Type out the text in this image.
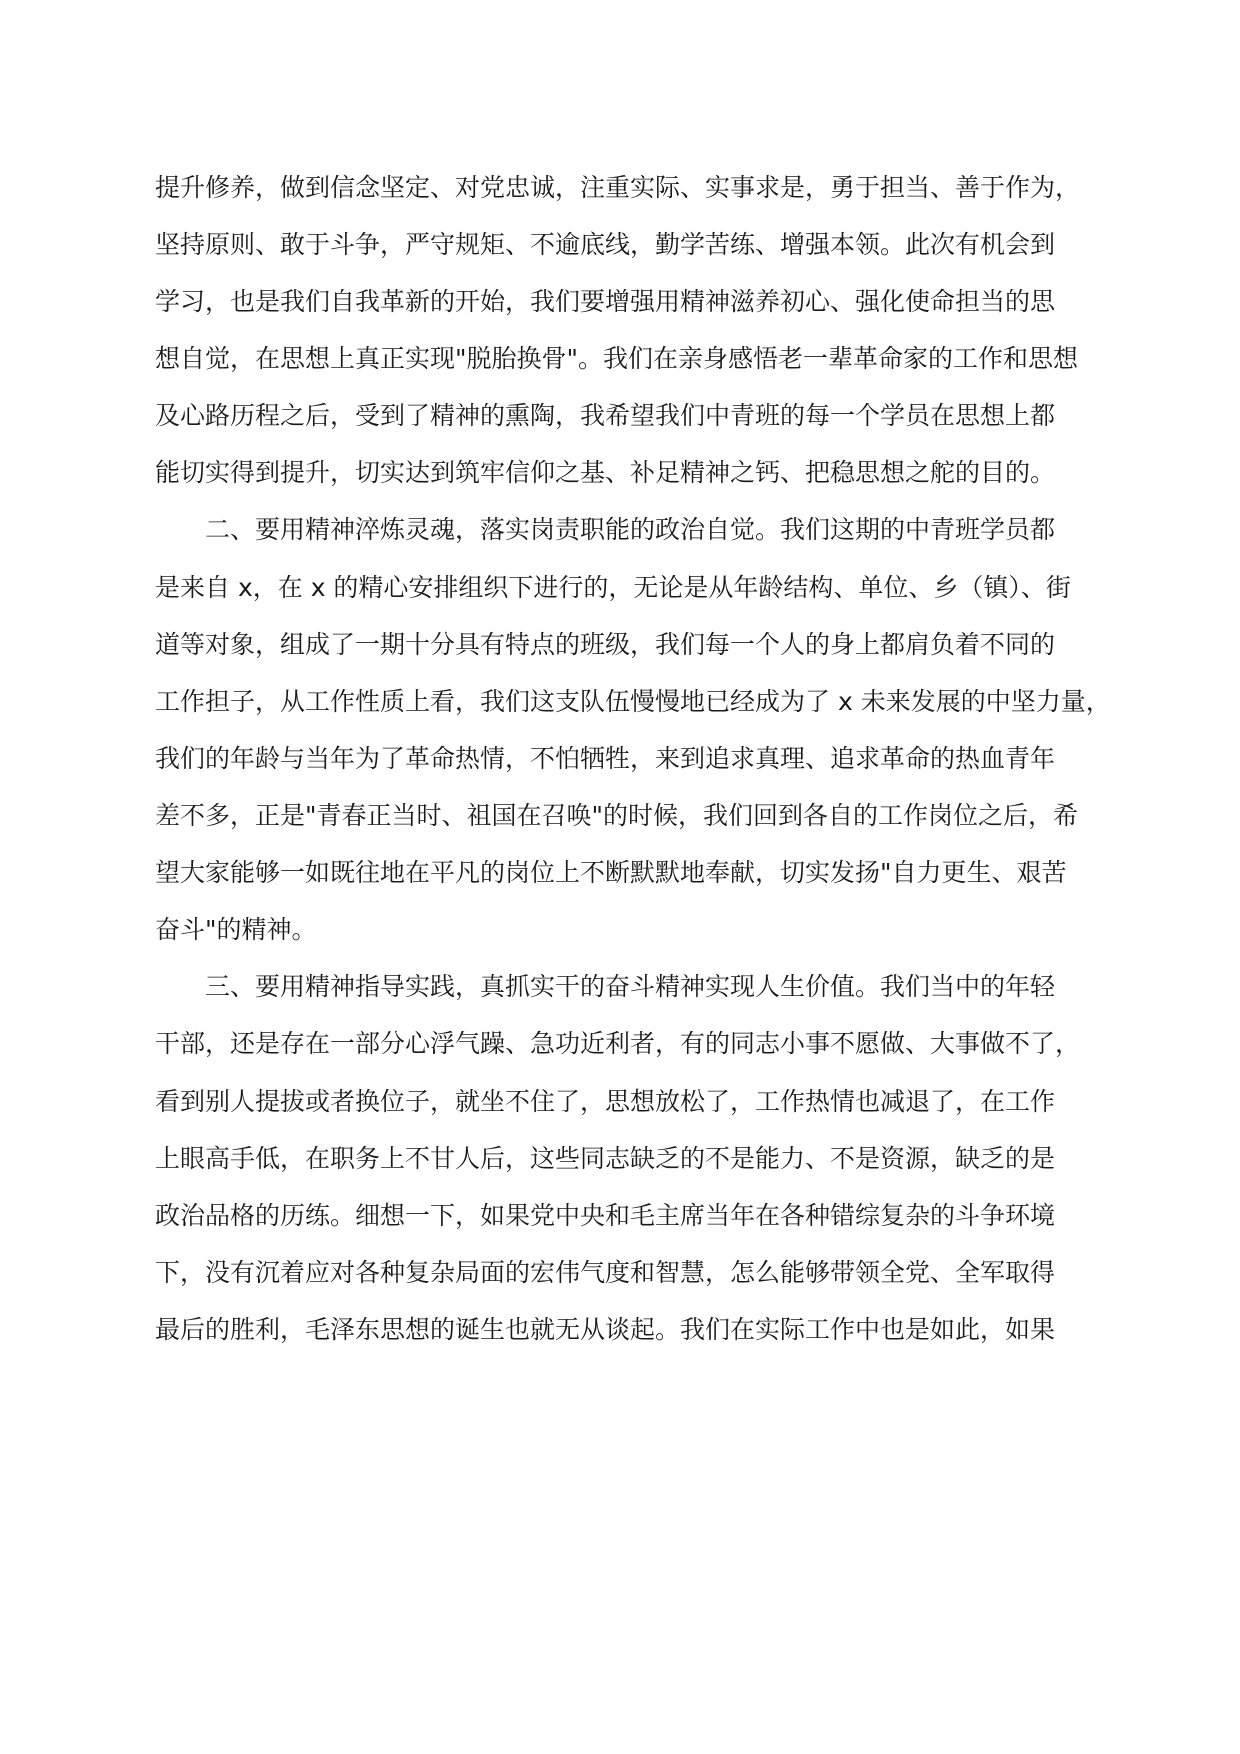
提升修养，做到信念坚定、对党忠诚，注重实际、实事求是，勇于担当、善于作为，
坚持原则、敢于斗争，严守规矩、不逾底线，勤学苦练、增强本领。此次有机会到
学习，也是我们自我革新的开始，我们要增强用精神滋养初心、强化使命担当的思
想自觉，在思想上真正实现"脱胎换骨"。我们在亲身感悟老一辈革命家的工作和思想
及心路历程之后，受到了精神的熏陶，我希望我们中青班的每一个学员在思想上都
能切实得到提升，切实达到筑牢信仰之基、补足精神之钙、把稳思想之舵的目的。
二、要用精神淬炼灵魂，落实岗责职能的政治自觉。我们这期的中青班学员都
是来自 x，在 x 的精心安排组织下进行的，无论是从年龄结构、单位、乡（镇）、街
道等对象，组成了一期十分具有特点的班级，我们每一个人的身上都肩负着不同的
工作担子，从工作性质上看，我们这支队伍慢慢地已经成为了 x 未来发展的中坚力量，
我们的年龄与当年为了革命热情，不怕牺牲，来到追求真理、追求革命的热血青年
差不多，正是"青春正当时、祖国在召唤"的时候，我们回到各自的工作岗位之后，希
望大家能够一如既往地在平凡的岗位上不断默默地奉献，切实发扬"自力更生、艰苦
奋斗"的精神。
三、要用精神指导实践，真抓实干的奋斗精神实现人生价值。我们当中的年轻
干部，还是存在一部分心浮气躁、急功近利者，有的同志小事不愿做、大事做不了，
看到别人提拔或者换位子，就坐不住了，思想放松了，工作热情也减退了，在工作
上眼高手低，在职务上不甘人后，这些同志缺乏的不是能力、不是资源，缺乏的是
政治品格的历练。细想一下，如果党中央和毛主席当年在各种错综复杂的斗争环境
下，没有沉着应对各种复杂局面的宏伟气度和智慧，怎么能够带领全党、全军取得
最后的胜利，毛泽东思想的诞生也就无从谈起。我们在实际工作中也是如此，如果
